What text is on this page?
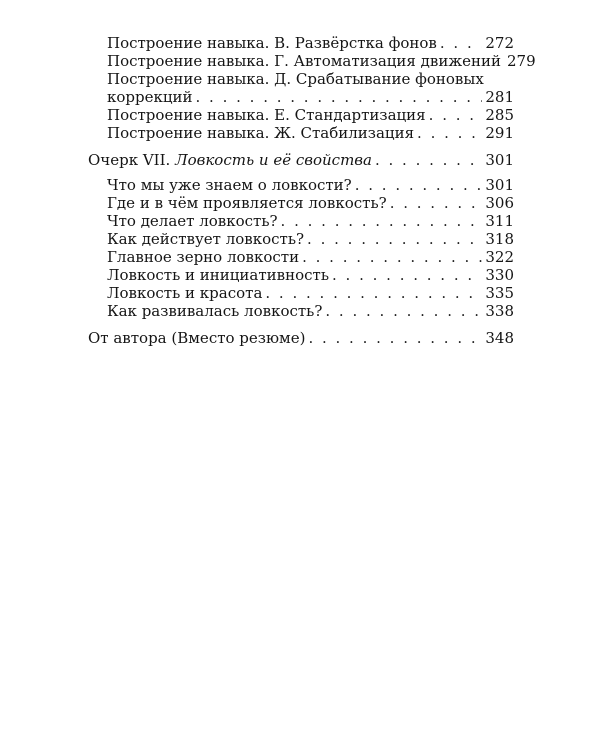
Построение навыка. В. Развёрстка фонов . . .	272
Построение навыка. Г. Автоматизация движений 279
Построение навыка. Д. Срабатывание фоновых
коррекций . . .	281
Построение навыка. Е. Стандартизация . . .	285
Построение навыка. Ж. Стабилизация . . .	291
Очерк VII. Ловкость и её свойства . . .	301
Что мы уже знаем о ловкости? . . .	301
Где и в чём проявляется ловкость? . . .	306
Что делает ловкость? . . .	311
Как действует ловкость? . . .	318
Главное зерно ловкости . . .	322
Ловкость и инициативность . . .	330
Ловкость и красота . . .	335
Как развивалась ловкость? . . .	338
От автора (Вместо резюме) . . .	348
